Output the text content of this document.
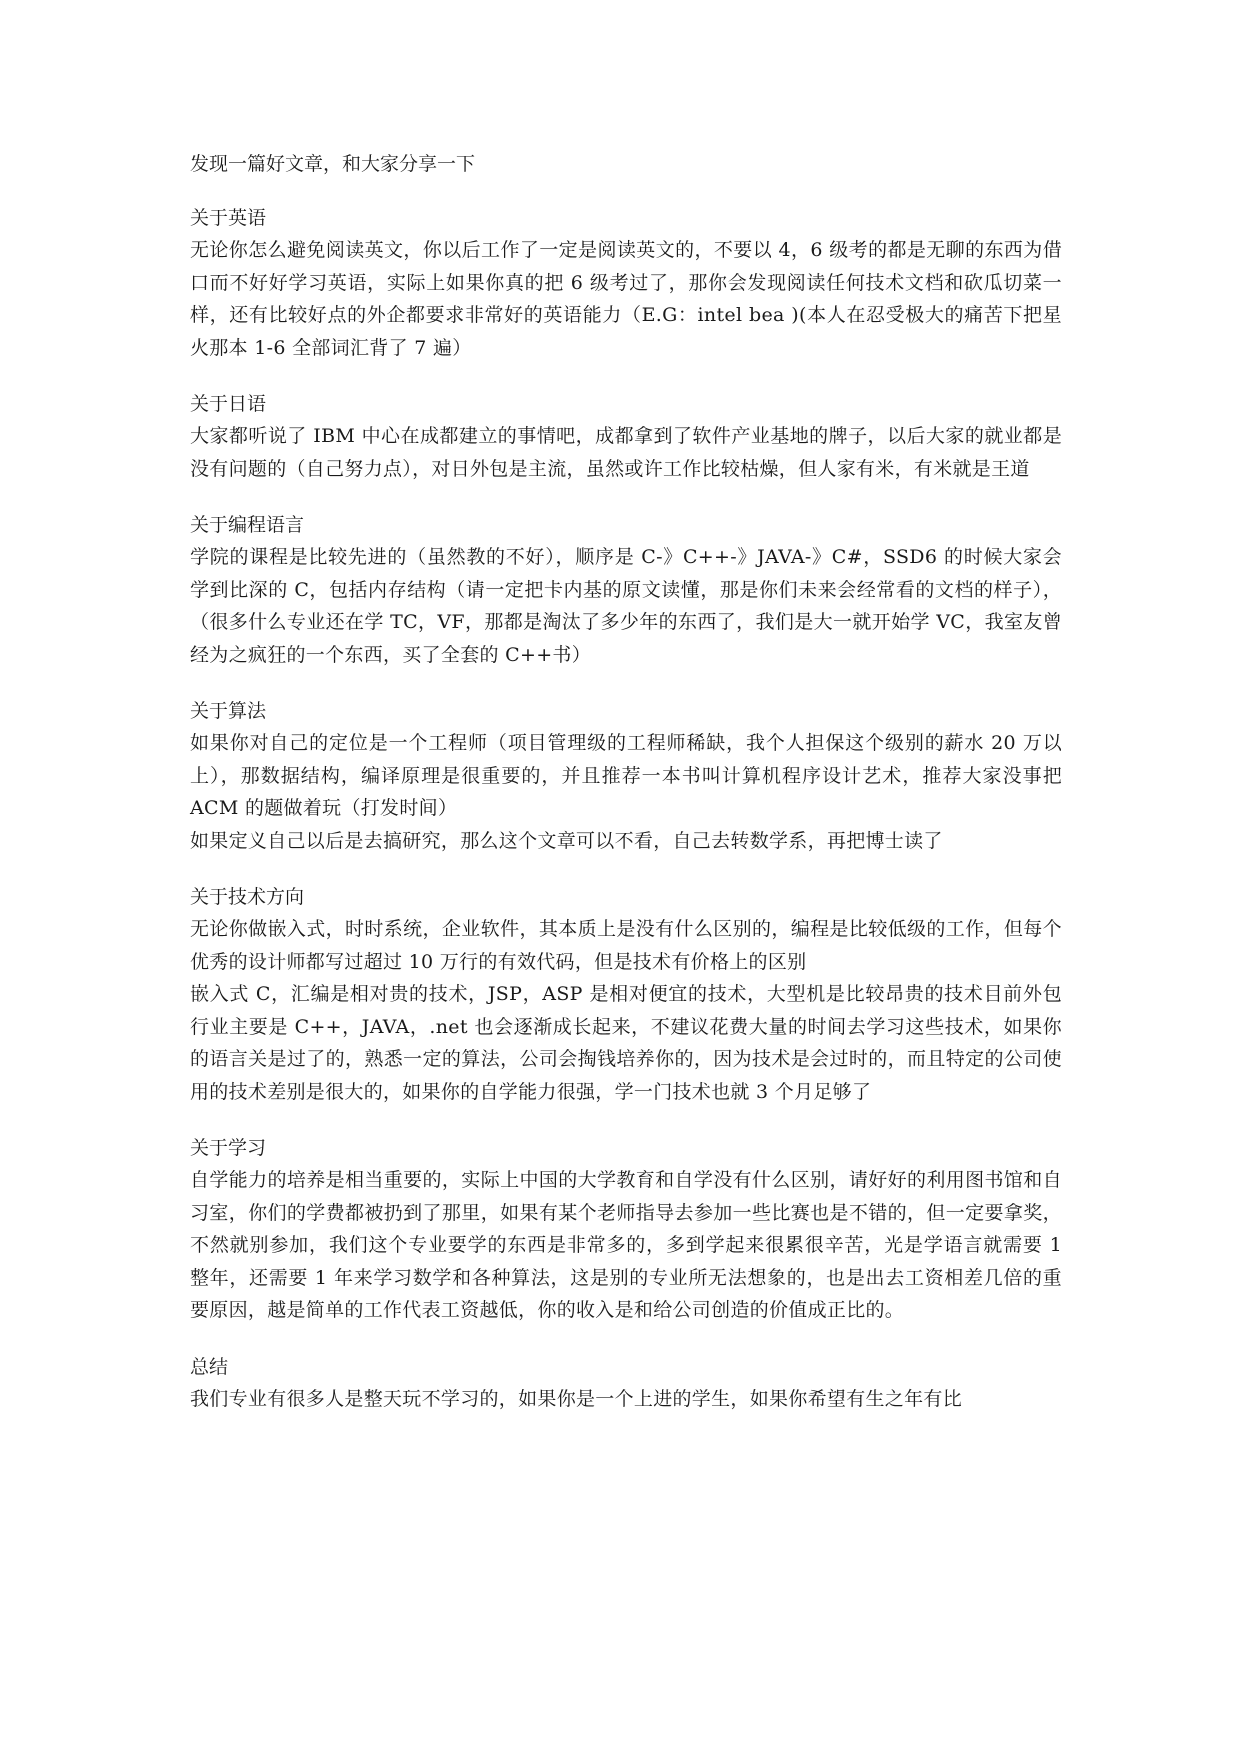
发现一篇好文章，和大家分享一下

关于英语

无论你怎么避免阅读英文，你以后工作了一定是阅读英文的，不要以 4，6 级考的都是无聊的东西为借口而不好好学习英语，实际上如果你真的把 6 级考过了，那你会发现阅读任何技术文档和砍瓜切菜一样，还有比较好点的外企都要求非常好的英语能力（E.G：intel bea )(本人在忍受极大的痛苦下把星火那本 1-6 全部词汇背了 7 遍）

关于日语

大家都听说了 IBM 中心在成都建立的事情吧，成都拿到了软件产业基地的牌子，以后大家的就业都是没有问题的（自己努力点），对日外包是主流，虽然或许工作比较枯燥，但人家有米，有米就是王道

关于编程语言

学院的课程是比较先进的（虽然教的不好），顺序是 C-》C++-》JAVA-》C#，SSD6 的时候大家会学到比深的 C，包括内存结构（请一定把卡内基的原文读懂，那是你们未来会经常看的文档的样子），（很多什么专业还在学 TC，VF，那都是淘汰了多少年的东西了，我们是大一就开始学 VC，我室友曾经为之疯狂的一个东西，买了全套的 C++书）

关于算法

如果你对自己的定位是一个工程师（项目管理级的工程师稀缺，我个人担保这个级别的薪水 20 万以上），那数据结构，编译原理是很重要的，并且推荐一本书叫计算机程序设计艺术，推荐大家没事把 ACM 的题做着玩（打发时间）

如果定义自己以后是去搞研究，那么这个文章可以不看，自己去转数学系，再把博士读了

关于技术方向

无论你做嵌入式，时时系统，企业软件，其本质上是没有什么区别的，编程是比较低级的工作，但每个优秀的设计师都写过超过 10 万行的有效代码，但是技术有价格上的区别

嵌入式 C，汇编是相对贵的技术，JSP，ASP 是相对便宜的技术，大型机是比较昂贵的技术目前外包行业主要是 C++，JAVA，.net 也会逐渐成长起来，不建议花费大量的时间去学习这些技术，如果你的语言关是过了的，熟悉一定的算法，公司会掏钱培养你的，因为技术是会过时的，而且特定的公司使用的技术差别是很大的，如果你的自学能力很强，学一门技术也就 3 个月足够了

关于学习

自学能力的培养是相当重要的，实际上中国的大学教育和自学没有什么区别，请好好的利用图书馆和自习室，你们的学费都被扔到了那里，如果有某个老师指导去参加一些比赛也是不错的，但一定要拿奖，不然就别参加，我们这个专业要学的东西是非常多的，多到学起来很累很辛苦，光是学语言就需要 1 整年，还需要 1 年来学习数学和各种算法，这是别的专业所无法想象的，也是出去工资相差几倍的重要原因，越是简单的工作代表工资越低，你的收入是和给公司创造的价值成正比的。

总结

我们专业有很多人是整天玩不学习的，如果你是一个上进的学生，如果你希望有生之年有比
